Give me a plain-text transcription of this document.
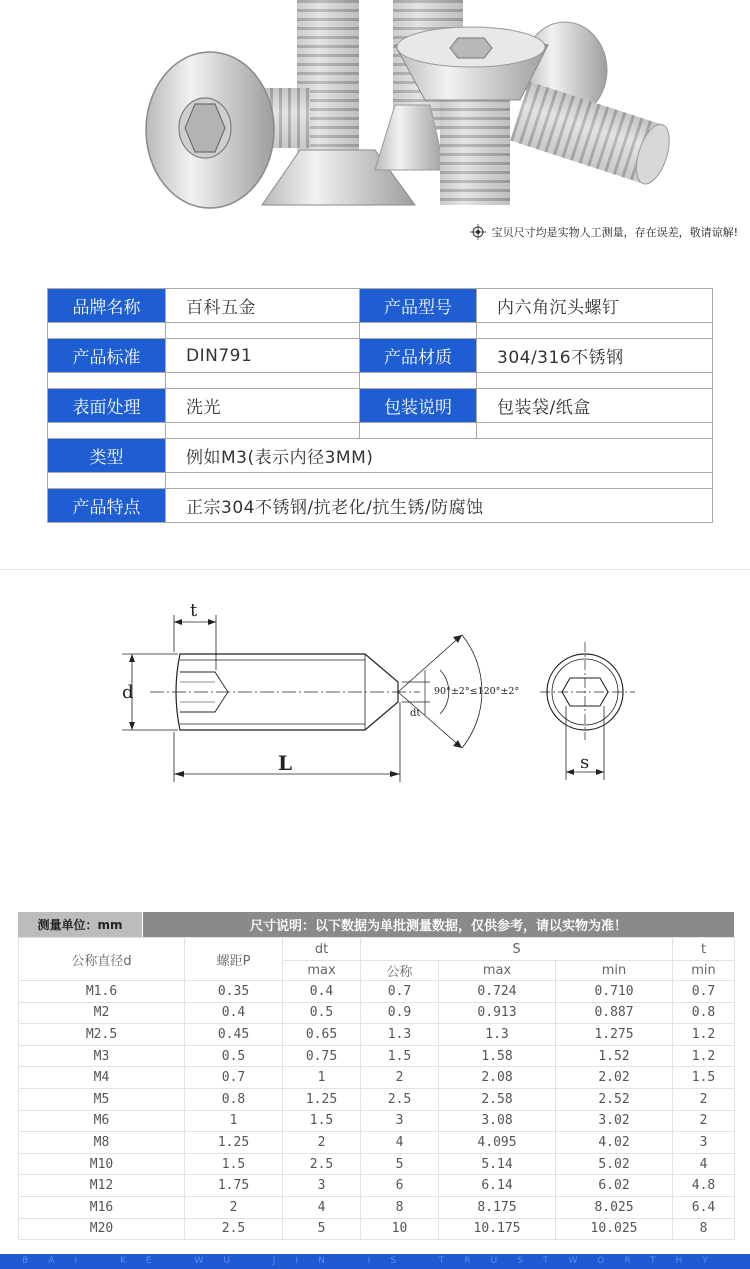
宝贝尺寸均是实物人工测量，存在误差，敬请谅解!
品牌名称	百科五金	产品型号	内六角沉头螺钉

产品标准	DIN791	产品材质	304/316不锈钢

表面处理	洗光	包装说明	包装袋/纸盒

类型	例如M3(表示内径3MM)		

产品特点	正宗304不锈钢/抗老化/抗生锈/防腐蚀		
t
d
L
dt
90°±2°≤120°±2°
s
测量单位：mm	尺寸说明：以下数据为单批测量数据，仅供参考，请以实物为准！
公称直径d	螺距P	dt	S			t
		max	公称	max	min	min
M1.6	0.35	0.4	0.7	0.724	0.710	0.7
M2	0.4	0.5	0.9	0.913	0.887	0.8
M2.5	0.45	0.65	1.3	1.3	1.275	1.2
M3	0.5	0.75	1.5	1.58	1.52	1.2
M4	0.7	1	2	2.08	2.02	1.5
M5	0.8	1.25	2.5	2.58	2.52	2
M6	1	1.5	3	3.08	3.02	2
M8	1.25	2	4	4.095	4.02	3
M10	1.5	2.5	5	5.14	5.02	4
M12	1.75	3	6	6.14	6.02	4.8
M16	2	4	8	8.175	8.025	6.4
M20	2.5	5	10	10.175	10.025	8
BAI KE WU JIN IS TRUSTWORTHY
